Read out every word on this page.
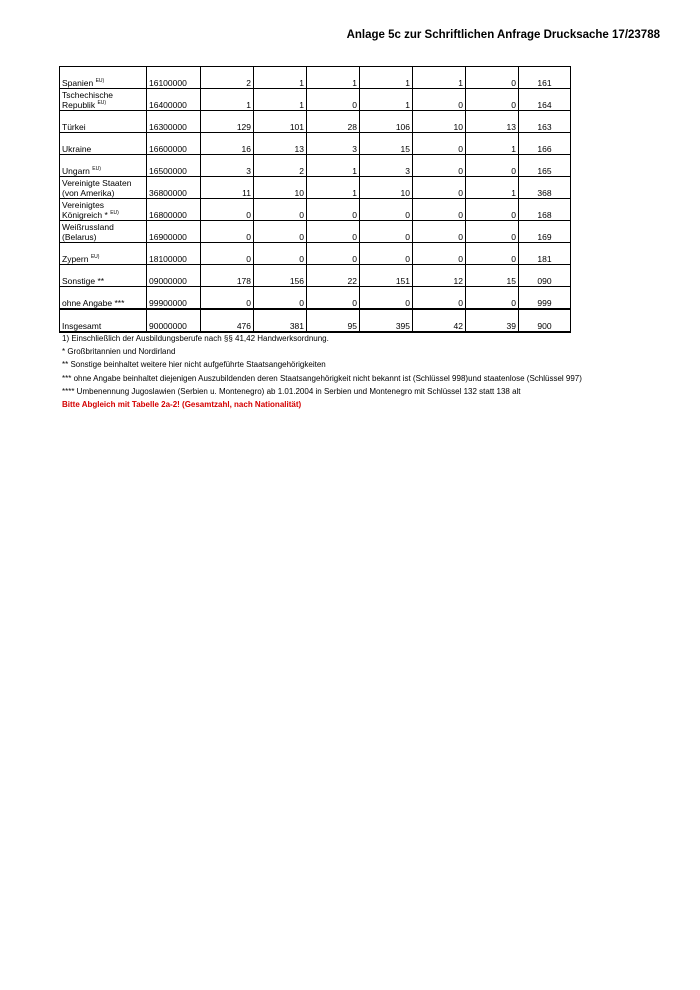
Anlage 5c zur Schriftlichen Anfrage Drucksache 17/23788
Spanien $^{EU)}$	16100000	2	1	1	1	1	0	161
Tschechische Republik $^{EU)}$	16400000	1	1	0	1	0	0	164
Türkei	16300000	129	101	28	106	10	13	163
Ukraine	16600000	16	13	3	15	0	1	166
Ungarn $^{EU)}$	16500000	3	2	1	3	0	0	165
Vereinigte Staaten (von Amerika)	36800000	11	10	1	10	0	1	368
Vereinigtes Königreich * $^{EU)}$	16800000	0	0	0	0	0	0	168
Weißrussland (Belarus)	16900000	0	0	0	0	0	0	169
Zypern $^{EU)}$	18100000	0	0	0	0	0	0	181
Sonstige **	09000000	178	156	22	151	12	15	090
ohne Angabe ***	99900000	0	0	0	0	0	0	999
Insgesamt	90000000	476	381	95	395	42	39	900
1) Einschließlich der Ausbildungsberufe nach §§ 41,42 Handwerksordnung.
* Großbritannien und Nordirland
** Sonstige beinhaltet weitere hier nicht aufgeführte Staatsangehörigkeiten
*** ohne Angabe beinhaltet diejenigen Auszubildenden deren Staatsangehörigkeit nicht bekannt ist (Schlüssel 998)und staatenlose (Schlüssel 997)
**** Umbenennung Jugoslawien (Serbien u. Montenegro) ab 1.01.2004 in Serbien und Montenegro mit Schlüssel 132 statt 138 alt
Bitte Abgleich mit Tabelle 2a-2! (Gesamtzahl, nach Nationalität)
